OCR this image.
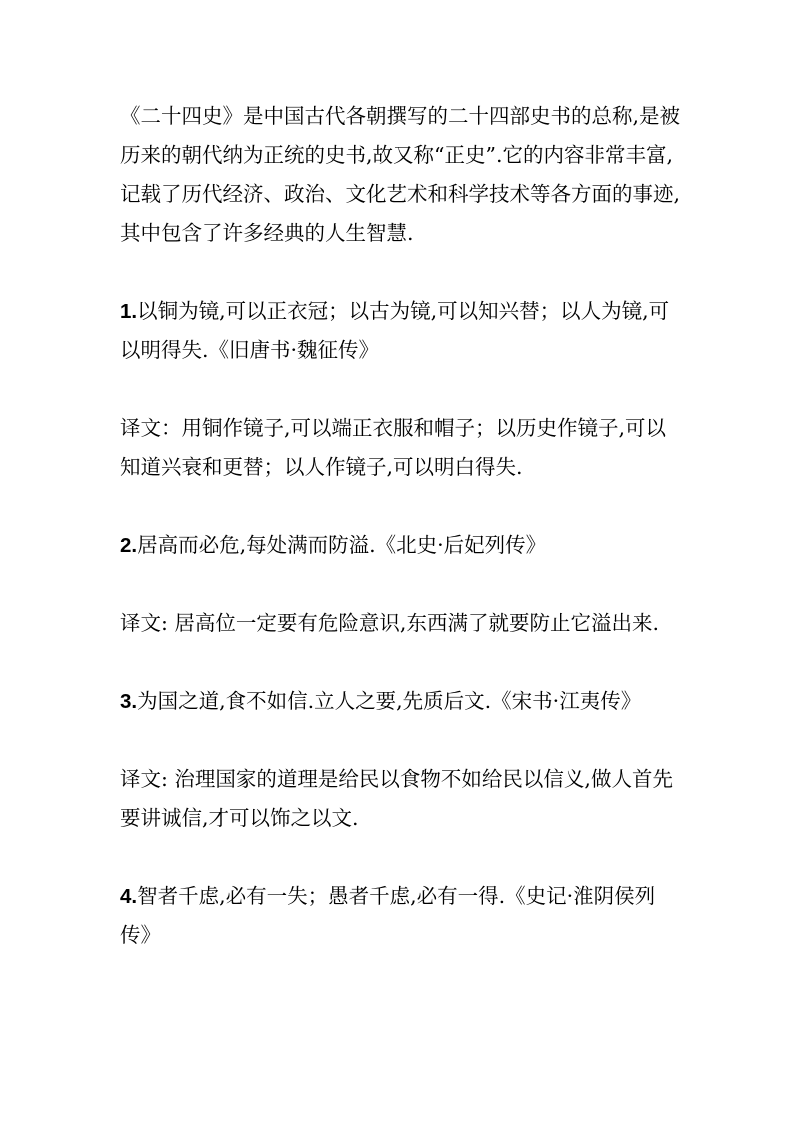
《二十四史》是中国古代各朝撰写的二十四部史书的总称,是被历来的朝代纳为正统的史书,故又称“正史”.它的内容非常丰富,记载了历代经济、政治、文化艺术和科学技术等各方面的事迹,其中包含了许多经典的人生智慧.

1.以铜为镜,可以正衣冠；以古为镜,可以知兴替；以人为镜,可以明得失.《旧唐书·魏征传》

译文：用铜作镜子,可以端正衣服和帽子；以历史作镜子,可以知道兴衰和更替；以人作镜子,可以明白得失.

2.居高而必危,每处满而防溢.《北史·后妃列传》

译文: 居高位一定要有危险意识,东西满了就要防止它溢出来.

3.为国之道,食不如信.立人之要,先质后文.《宋书·江夷传》

译文: 治理国家的道理是给民以食物不如给民以信义,做人首先要讲诚信,才可以饰之以文.

4.智者千虑,必有一失；愚者千虑,必有一得.《史记·淮阴侯列传》
